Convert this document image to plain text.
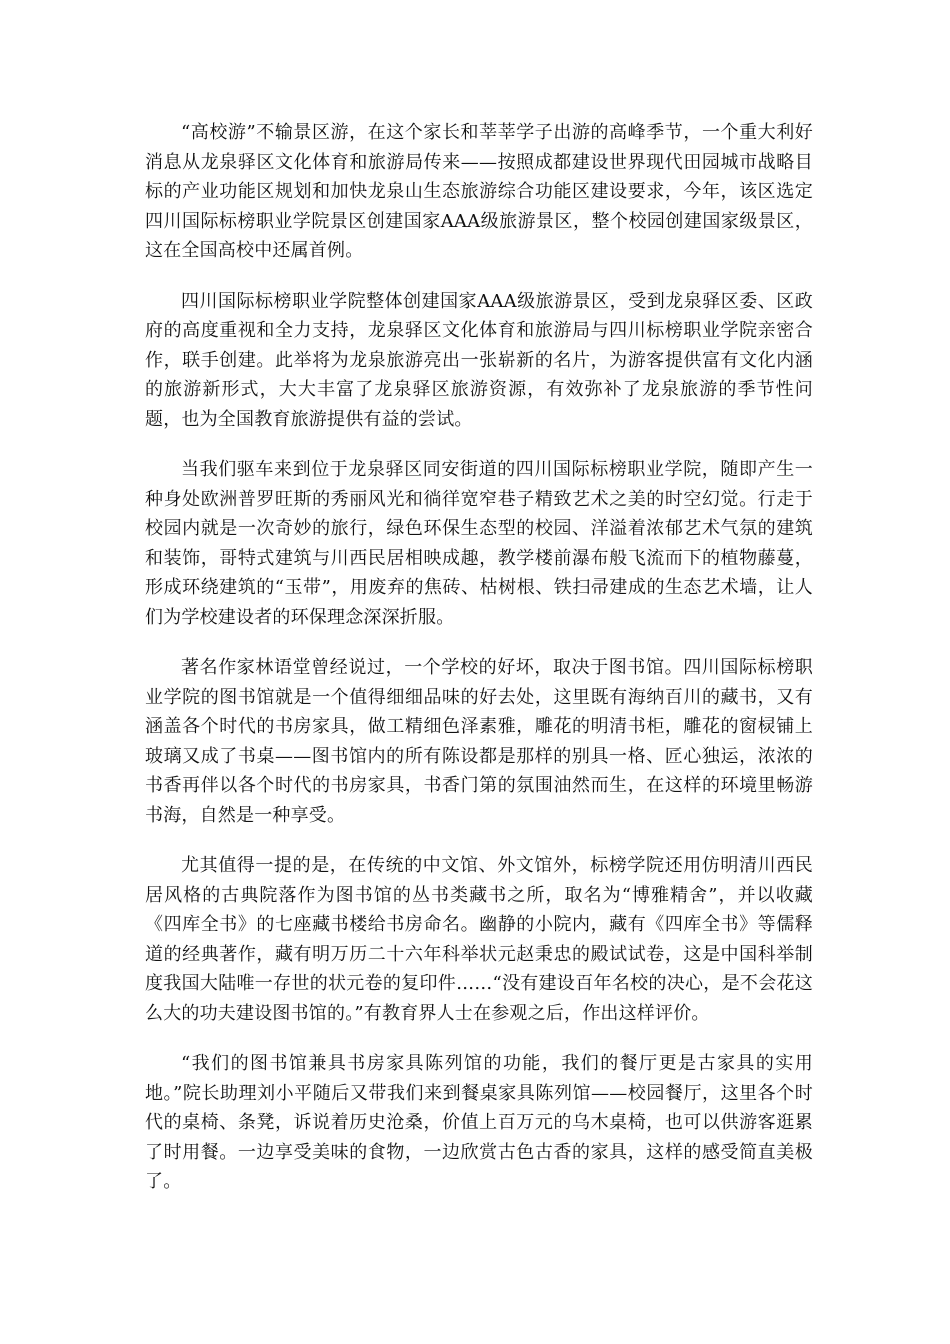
“高校游”不输景区游，在这个家长和莘莘学子出游的高峰季节，一个重大利好消息从龙泉驿区文化体育和旅游局传来——按照成都建设世界现代田园城市战略目标的产业功能区规划和加快龙泉山生态旅游综合功能区建设要求，今年，该区选定四川国际标榜职业学院景区创建国家AAA级旅游景区，整个校园创建国家级景区，这在全国高校中还属首例。

四川国际标榜职业学院整体创建国家AAA级旅游景区，受到龙泉驿区委、区政府的高度重视和全力支持，龙泉驿区文化体育和旅游局与四川标榜职业学院亲密合作，联手创建。此举将为龙泉旅游亮出一张崭新的名片，为游客提供富有文化内涵的旅游新形式，大大丰富了龙泉驿区旅游资源，有效弥补了龙泉旅游的季节性问题，也为全国教育旅游提供有益的尝试。

当我们驱车来到位于龙泉驿区同安街道的四川国际标榜职业学院，随即产生一种身处欧洲普罗旺斯的秀丽风光和徜徉宽窄巷子精致艺术之美的时空幻觉。行走于校园内就是一次奇妙的旅行，绿色环保生态型的校园、洋溢着浓郁艺术气氛的建筑和装饰，哥特式建筑与川西民居相映成趣，教学楼前瀑布般飞流而下的植物藤蔓，形成环绕建筑的“玉带”，用废弃的焦砖、枯树根、铁扫帚建成的生态艺术墙，让人们为学校建设者的环保理念深深折服。

著名作家林语堂曾经说过，一个学校的好坏，取决于图书馆。四川国际标榜职业学院的图书馆就是一个值得细细品味的好去处，这里既有海纳百川的藏书，又有涵盖各个时代的书房家具，做工精细色泽素雅，雕花的明清书柜，雕花的窗棂铺上玻璃又成了书桌——图书馆内的所有陈设都是那样的别具一格、匠心独运，浓浓的书香再伴以各个时代的书房家具，书香门第的氛围油然而生，在这样的环境里畅游书海，自然是一种享受。

尤其值得一提的是，在传统的中文馆、外文馆外，标榜学院还用仿明清川西民居风格的古典院落作为图书馆的丛书类藏书之所，取名为“博雅精舍”，并以收藏《四库全书》的七座藏书楼给书房命名。幽静的小院内，藏有《四库全书》等儒释道的经典著作，藏有明万历二十六年科举状元赵秉忠的殿试试卷，这是中国科举制度我国大陆唯一存世的状元卷的复印件……“没有建设百年名校的决心，是不会花这么大的功夫建设图书馆的。”有教育界人士在参观之后，作出这样评价。

“我们的图书馆兼具书房家具陈列馆的功能，我们的餐厅更是古家具的实用地。”院长助理刘小平随后又带我们来到餐桌家具陈列馆——校园餐厅，这里各个时代的桌椅、条凳，诉说着历史沧桑，价值上百万元的乌木桌椅，也可以供游客逛累了时用餐。一边享受美味的食物，一边欣赏古色古香的家具，这样的感受简直美极了。
